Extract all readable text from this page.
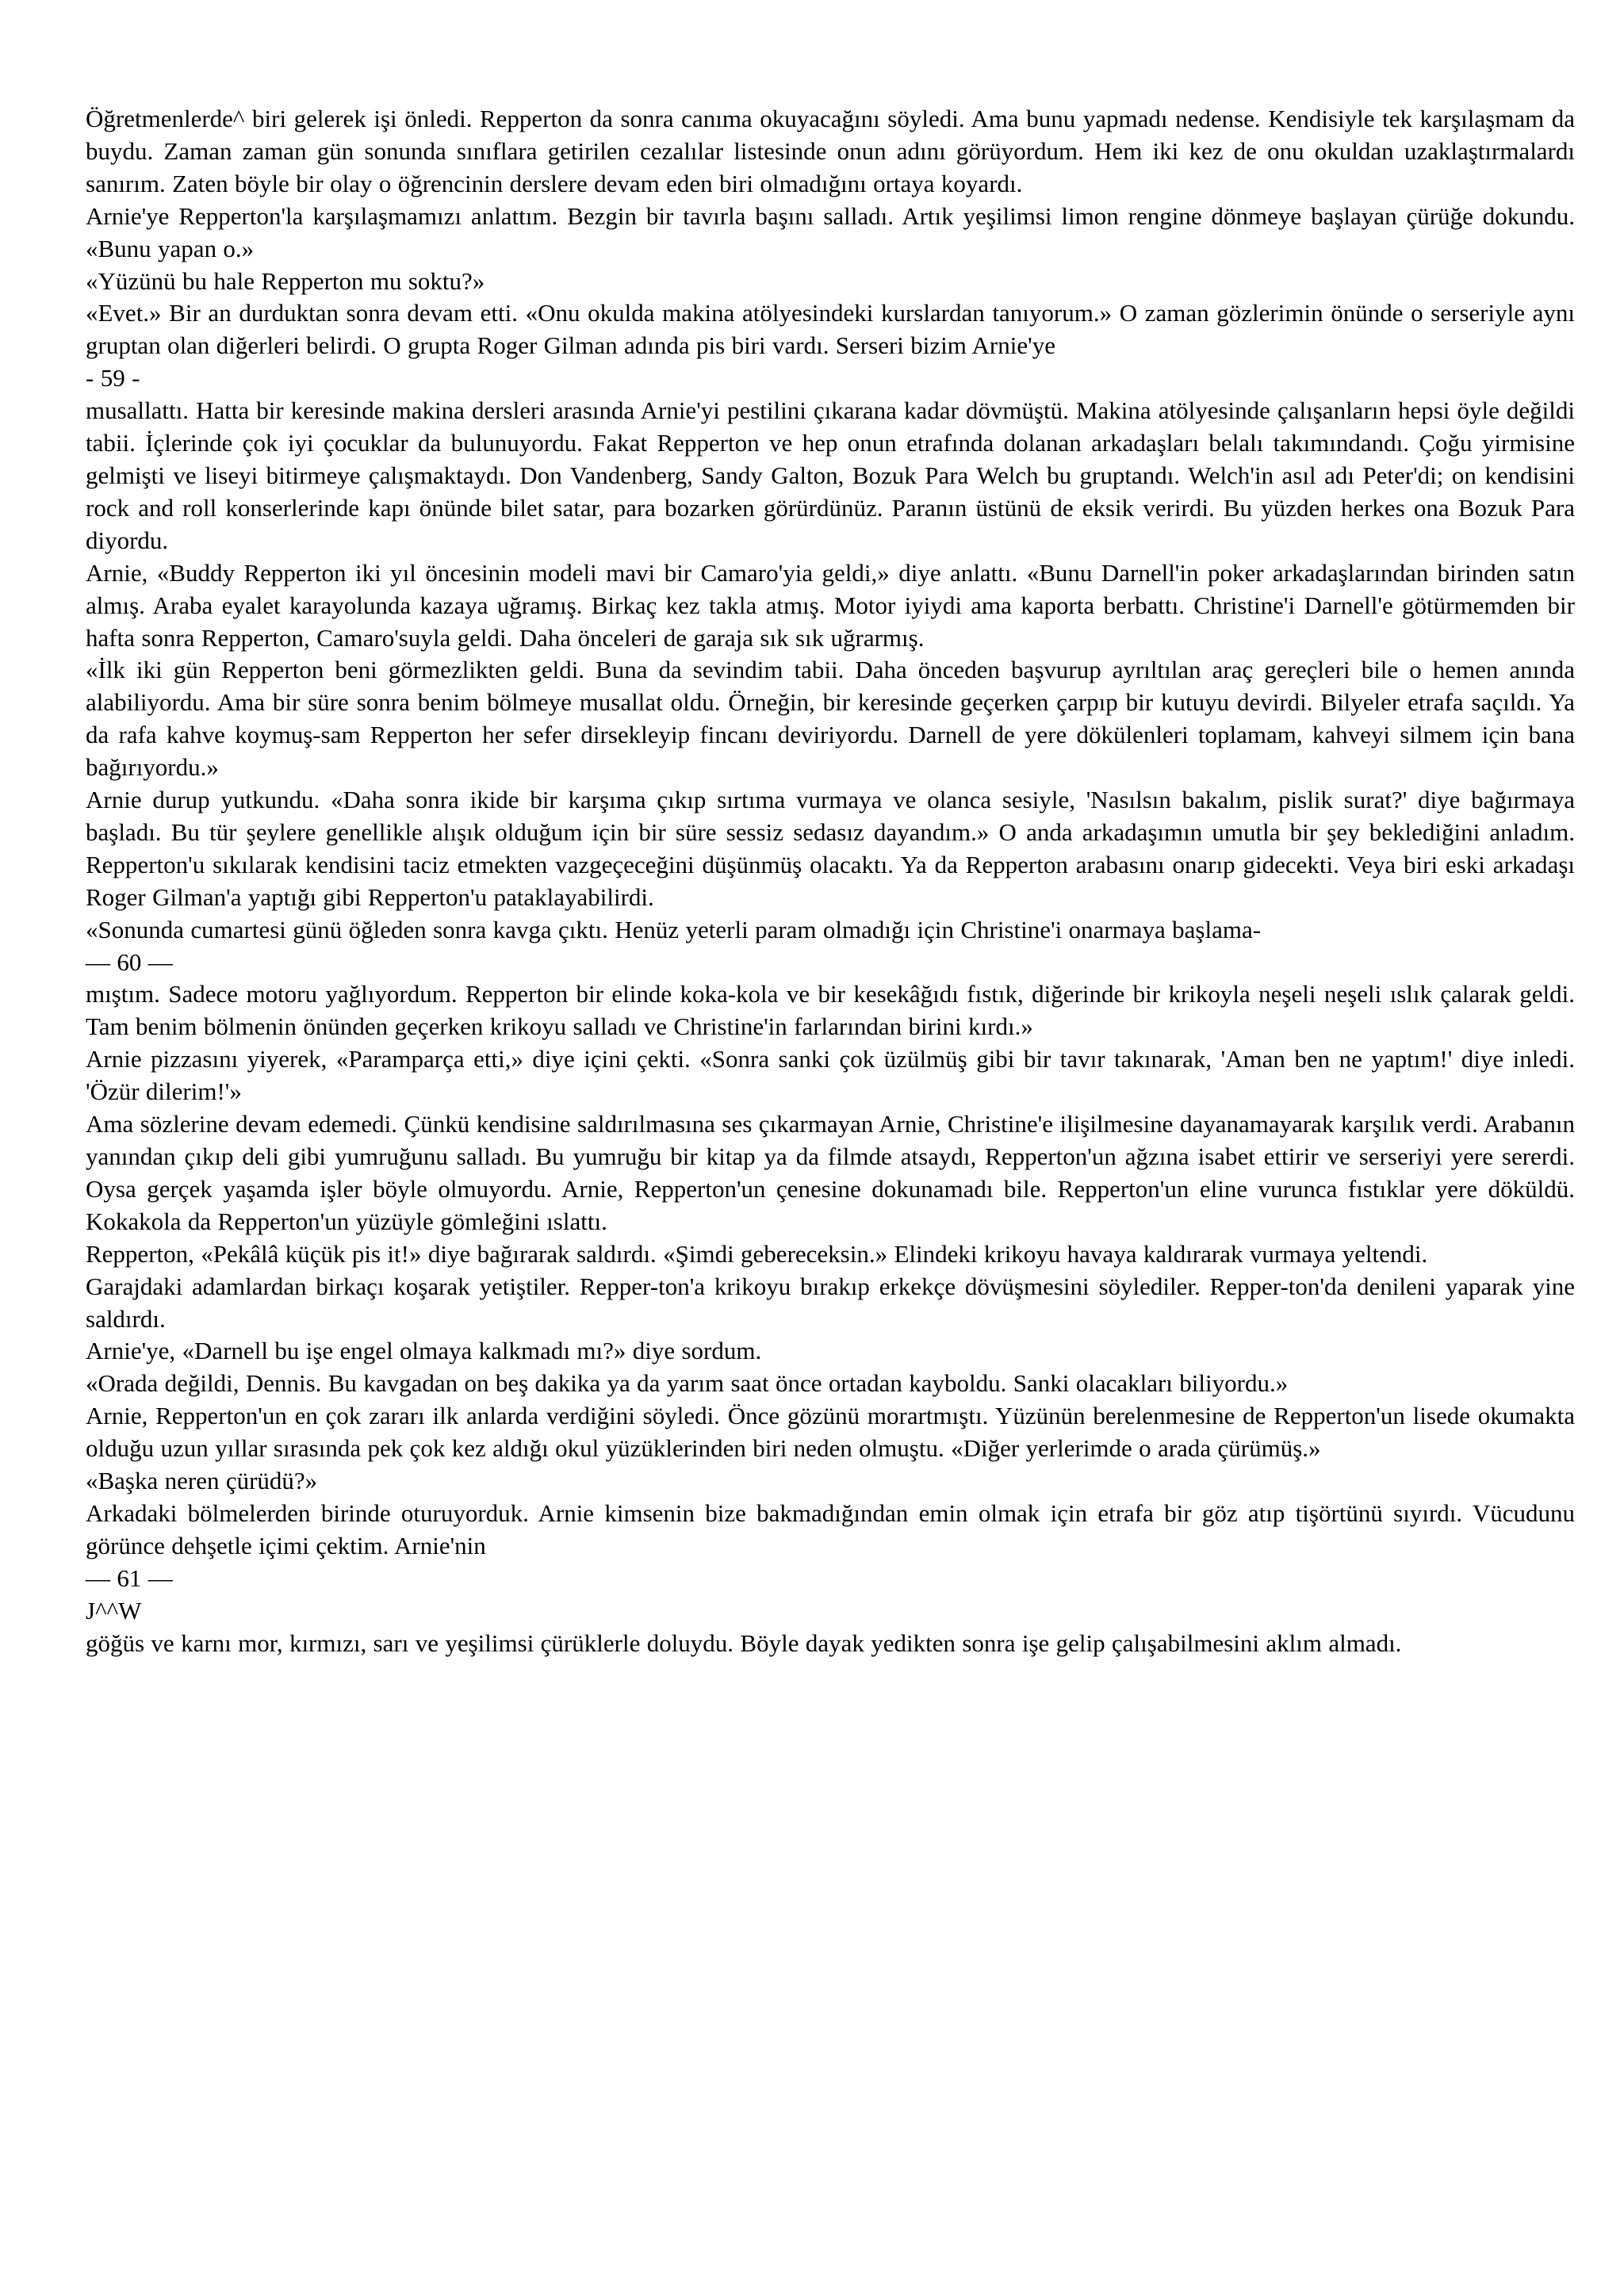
Öğretmenlerde^ biri gelerek işi önledi. Repperton da sonra canıma okuyacağını söyledi. Ama bunu yapmadı nedense. Kendisiyle tek karşılaşmam da buydu. Zaman zaman gün sonunda sınıflara getirilen cezalılar listesinde onun adını görüyordum. Hem iki kez de onu okuldan uzaklaştırmalardı sanırım. Zaten böyle bir olay o öğrencinin derslere devam eden biri olmadığını ortaya koyardı.

Arnie'ye Repperton'la karşılaşmamızı anlattım. Bezgin bir tavırla başını salladı. Artık yeşilimsi limon rengine dönmeye başlayan çürüğe dokundu. «Bunu yapan o.»

«Yüzünü bu hale Repperton mu soktu?»

«Evet.» Bir an durduktan sonra devam etti. «Onu okulda makina atölyesindeki kurslardan tanıyorum.» O zaman gözlerimin önünde o serseriyle aynı gruptan olan diğerleri belirdi. O grupta Roger Gilman adında pis biri vardı. Serseri bizim Arnie'ye

- 59 -

musallattı. Hatta bir keresinde makina dersleri arasında Arnie'yi pestilini çıkarana kadar dövmüştü. Makina atölyesinde çalışanların hepsi öyle değildi tabii. İçlerinde çok iyi çocuklar da bulunuyordu. Fakat Repperton ve hep onun etrafında dolanan arkadaşları belalı takımındandı. Çoğu yirmisine gelmişti ve liseyi bitirmeye çalışmaktaydı. Don Vandenberg, Sandy Galton, Bozuk Para Welch bu gruptandı. Welch'in asıl adı Peter'di; on kendisini rock and roll konserlerinde kapı önünde bilet satar, para bozarken görürdünüz. Paranın üstünü de eksik verirdi. Bu yüzden herkes ona Bozuk Para diyordu.

Arnie, «Buddy Repperton iki yıl öncesinin modeli mavi bir Camaro'yia geldi,» diye anlattı. «Bunu Darnell'in poker arkadaşlarından birinden satın almış. Araba eyalet karayolunda kazaya uğramış. Birkaç kez takla atmış. Motor iyiydi ama kaporta berbattı. Christine'i Darnell'e götürmemden bir hafta sonra Repperton, Camaro'suyla geldi. Daha önceleri de garaja sık sık uğrarmış.

«İlk iki gün Repperton beni görmezlikten geldi. Buna da sevindim tabii. Daha önceden başvurup ayrıltılan araç gereçleri bile o hemen anında alabiliyordu. Ama bir süre sonra benim bölmeye musallat oldu. Örneğin, bir keresinde geçerken çarpıp bir kutuyu devirdi. Bilyeler etrafa saçıldı. Ya da rafa kahve koymuş-sam Repperton her sefer dirsekleyip fincanı deviriyordu. Darnell de yere dökülenleri toplamam, kahveyi silmem için bana bağırıyordu.»

Arnie durup yutkundu. «Daha sonra ikide bir karşıma çıkıp sırtıma vurmaya ve olanca sesiyle, 'Nasılsın bakalım, pislik surat?' diye bağırmaya başladı. Bu tür şeylere genellikle alışık olduğum için bir süre sessiz sedasız dayandım.» O anda arkadaşımın umutla bir şey beklediğini anladım. Repperton'u sıkılarak kendisini taciz etmekten vazgeçeceğini düşünmüş olacaktı. Ya da Repperton arabasını onarıp gidecekti. Veya biri eski arkadaşı Roger Gilman'a yaptığı gibi Repperton'u pataklayabilirdi.

«Sonunda cumartesi günü öğleden sonra kavga çıktı. Henüz yeterli param olmadığı için Christine'i onarmaya başlama-

— 60 —

mıştım. Sadece motoru yağlıyordum. Repperton bir elinde koka-kola ve bir kesekâğıdı fıstık, diğerinde bir krikoyla neşeli neşeli ıslık çalarak geldi. Tam benim bölmenin önünden geçerken krikoyu salladı ve Christine'in farlarından birini kırdı.»

Arnie pizzasını yiyerek, «Paramparça etti,» diye içini çekti. «Sonra sanki çok üzülmüş gibi bir tavır takınarak, 'Aman ben ne yaptım!' diye inledi. 'Özür dilerim!'»

Ama sözlerine devam edemedi. Çünkü kendisine saldırılmasına ses çıkarmayan Arnie, Christine'e ilişilmesine dayanamayarak karşılık verdi. Arabanın yanından çıkıp deli gibi yumruğunu salladı. Bu yumruğu bir kitap ya da filmde atsaydı, Repperton'un ağzına isabet ettirir ve serseriyi yere sererdi. Oysa gerçek yaşamda işler böyle olmuyordu. Arnie, Repperton'un çenesine dokunamadı bile. Repperton'un eline vurunca fıstıklar yere döküldü. Kokakola da Repperton'un yüzüyle gömleğini ıslattı.

Repperton, «Pekâlâ küçük pis it!» diye bağırarak saldırdı. «Şimdi gebereceksin.» Elindeki krikoyu havaya kaldırarak vurmaya yeltendi.

Garajdaki adamlardan birkaçı koşarak yetiştiler. Repper-ton'a krikoyu bırakıp erkekçe dövüşmesini söylediler. Repper-ton'da denileni yaparak yine saldırdı.

Arnie'ye, «Darnell bu işe engel olmaya kalkmadı mı?» diye sordum.

«Orada değildi, Dennis. Bu kavgadan on beş dakika ya da yarım saat önce ortadan kayboldu. Sanki olacakları biliyordu.»

Arnie, Repperton'un en çok zararı ilk anlarda verdiğini söyledi. Önce gözünü morartmıştı. Yüzünün berelenmesine de Repperton'un lisede okumakta olduğu uzun yıllar sırasında pek çok kez aldığı okul yüzüklerinden biri neden olmuştu. «Diğer yerlerimde o arada çürümüş.»

«Başka neren çürüdü?»

Arkadaki bölmelerden birinde oturuyorduk. Arnie kimsenin bize bakmadığından emin olmak için etrafa bir göz atıp tişörtünü sıyırdı. Vücudunu görünce dehşetle içimi çektim. Arnie'nin

— 61 —

J^^W

göğüs ve karnı mor, kırmızı, sarı ve yeşilimsi çürüklerle doluydu. Böyle dayak yedikten sonra işe gelip çalışabilmesini aklım almadı.
